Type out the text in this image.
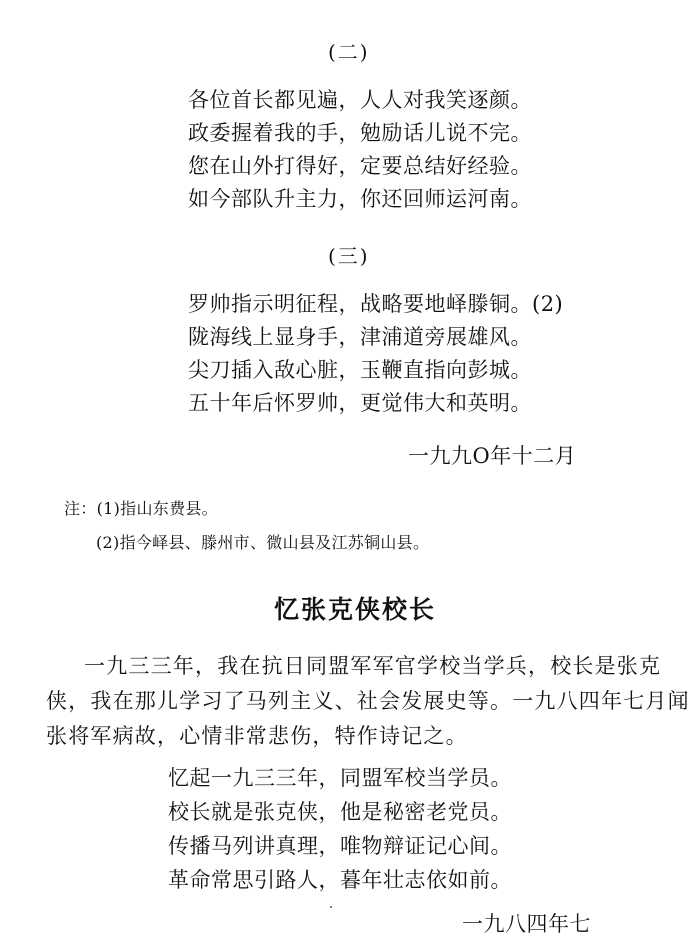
(二)
各位首长都见遍，人人对我笑逐颜。
政委握着我的手，勉励话儿说不完。
您在山外打得好，定要总结好经验。
如今部队升主力，你还回师运河南。
(三)
罗帅指示明征程，战略要地峄滕铜。(2)
陇海线上显身手，津浦道旁展雄风。
尖刀插入敌心脏，玉鞭直指向彭城。
五十年后怀罗帅，更觉伟大和英明。
一九九O年十二月
注：(1)指山东费县。
(2)指今峄县、滕州市、微山县及江苏铜山县。
忆张克侠校长
一九三三年，我在抗日同盟军军官学校当学兵，校长是张克
侠，我在那儿学习了马列主义、社会发展史等。一九八四年七月闻
张将军病故，心情非常悲伤，特作诗记之。
忆起一九三三年，同盟军校当学员。
校长就是张克侠，他是秘密老党员。
传播马列讲真理，唯物辩证记心间。
革命常思引路人，暮年壮志依如前。
一九八四年七
